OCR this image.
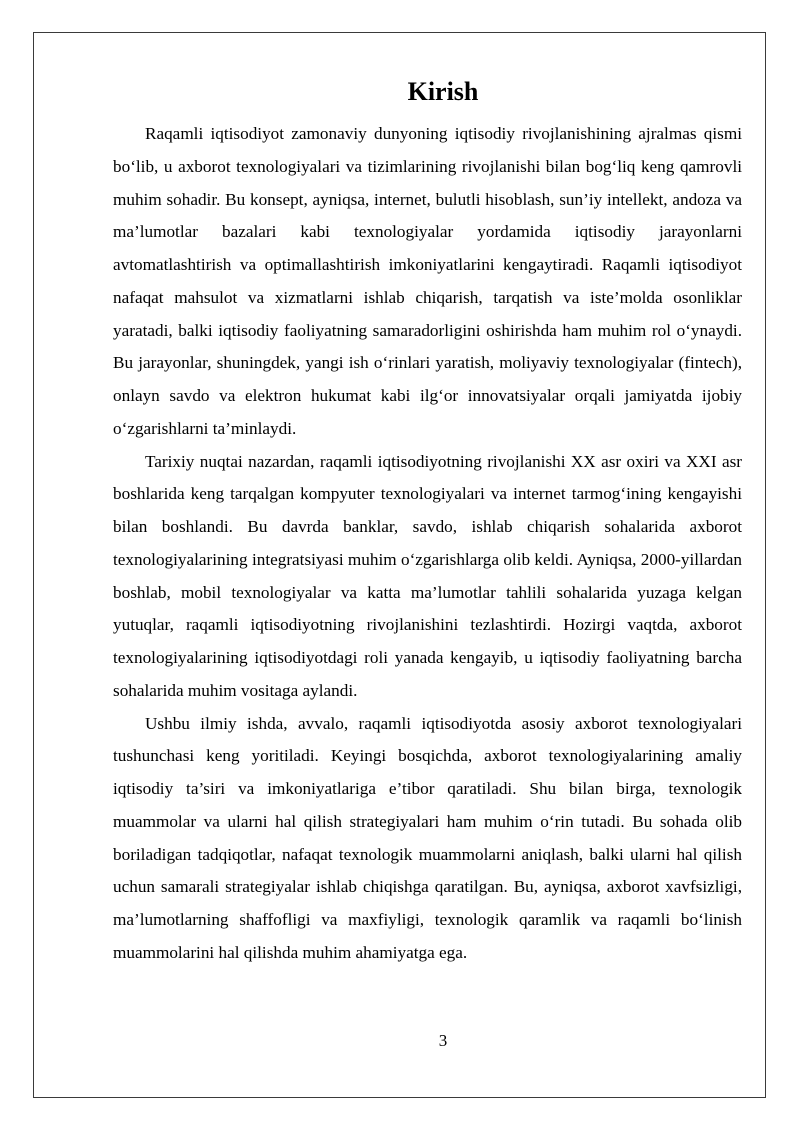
Kirish

Raqamli iqtisodiyot zamonaviy dunyoning iqtisodiy rivojlanishining ajralmas qismi bo‘lib, u axborot texnologiyalari va tizimlarining rivojlanishi bilan bog‘liq keng qamrovli muhim sohadir. Bu konsept, ayniqsa, internet, bulutli hisoblash, sun’iy intellekt, andoza va ma’lumotlar bazalari kabi texnologiyalar yordamida iqtisodiy jarayonlarni avtomatlashtirish va optimallashtirish imkoniyatlarini kengaytiradi. Raqamli iqtisodiyot nafaqat mahsulot va xizmatlarni ishlab chiqarish, tarqatish va iste’molda osonliklar yaratadi, balki iqtisodiy faoliyatning samaradorligini oshirishda ham muhim rol o‘ynaydi. Bu jarayonlar, shuningdek, yangi ish o‘rinlari yaratish, moliyaviy texnologiyalar (fintech), onlayn savdo va elektron hukumat kabi ilg‘or innovatsiyalar orqali jamiyatda ijobiy o‘zgarishlarni ta’minlaydi.

Tarixiy nuqtai nazardan, raqamli iqtisodiyotning rivojlanishi XX asr oxiri va XXI asr boshlarida keng tarqalgan kompyuter texnologiyalari va internet tarmog‘ining kengayishi bilan boshlandi. Bu davrda banklar, savdo, ishlab chiqarish sohalarida axborot texnologiyalarining integratsiyasi muhim o‘zgarishlarga olib keldi. Ayniqsa, 2000-yillardan boshlab, mobil texnologiyalar va katta ma’lumotlar tahlili sohalarida yuzaga kelgan yutuqlar, raqamli iqtisodiyotning rivojlanishini tezlashtirdi. Hozirgi vaqtda, axborot texnologiyalarining iqtisodiyotdagi roli yanada kengayib, u iqtisodiy faoliyatning barcha sohalarida muhim vositaga aylandi.

Ushbu ilmiy ishda, avvalo, raqamli iqtisodiyotda asosiy axborot texnologiyalari tushunchasi keng yoritiladi. Keyingi bosqichda, axborot texnologiyalarining amaliy iqtisodiy ta’siri va imkoniyatlariga e’tibor qaratiladi. Shu bilan birga, texnologik muammolar va ularni hal qilish strategiyalari ham muhim o‘rin tutadi. Bu sohada olib boriladigan tadqiqotlar, nafaqat texnologik muammolarni aniqlash, balki ularni hal qilish uchun samarali strategiyalar ishlab chiqishga qaratilgan. Bu, ayniqsa, axborot xavfsizligi, ma’lumotlarning shaffofligi va maxfiyligi, texnologik qaramlik va raqamli bo‘linish muammolarini hal qilishda muhim ahamiyatga ega.

3
